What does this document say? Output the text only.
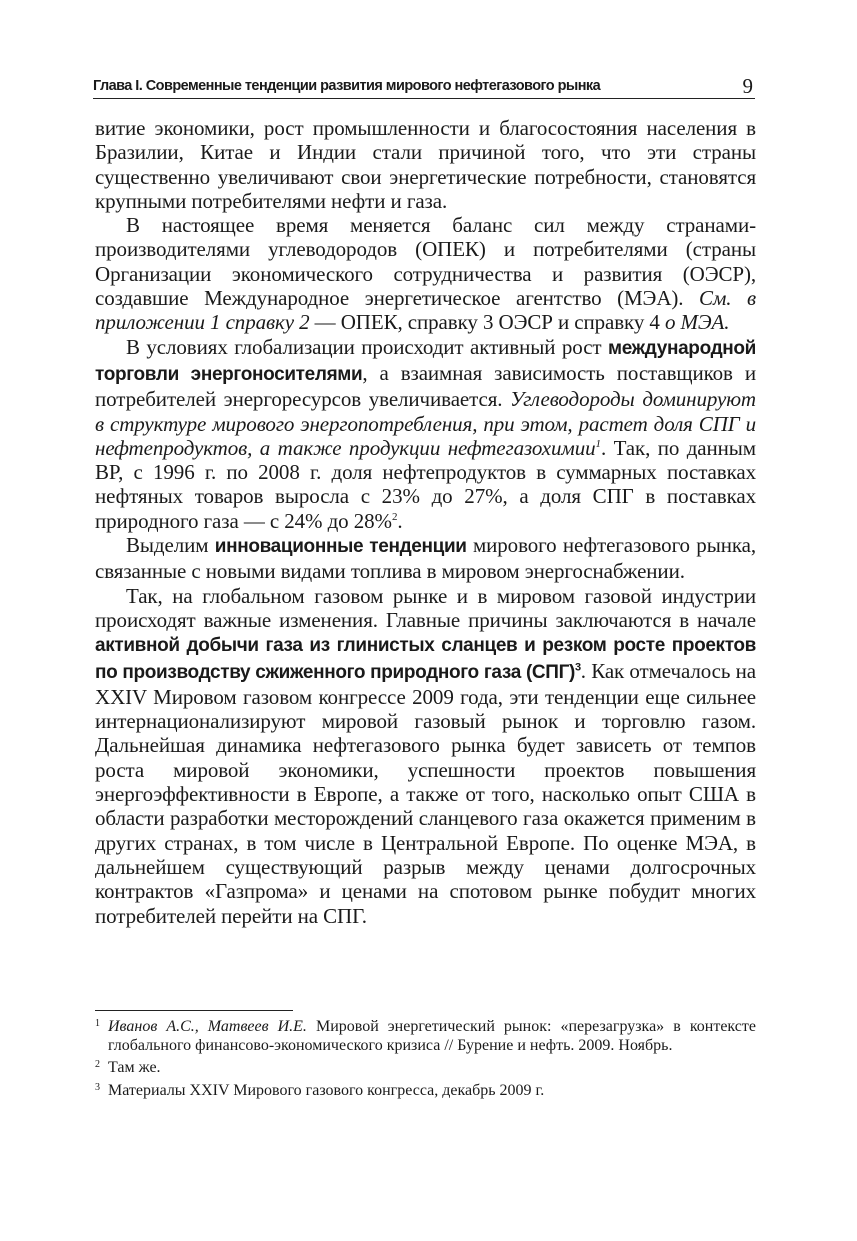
Глава I. Современные тенденции развития мирового нефтегазового рынка	9

витие экономики, рост промышленности и благосостояния населения в Бразилии, Китае и Индии стали причиной того, что эти страны существенно увеличивают свои энергетические потребности, становятся крупными потребителями нефти и газа.

В настоящее время меняется баланс сил между странами-производителями углеводородов (ОПЕК) и потребителями (страны Организации экономического сотрудничества и развития (ОЭСР), создавшие Международное энергетическое агентство (МЭА). См. в приложении 1 справку 2 — ОПЕК, справку 3 ОЭСР и справку 4 о МЭА.

В условиях глобализации происходит активный рост международной торговли энергоносителями, а взаимная зависимость поставщиков и потребителей энергоресурсов увеличивается. Углеводороды доминируют в структуре мирового энергопотребления, при этом, растет доля СПГ и нефтепродуктов, а также продукции нефтегазохимии$^1$. Так, по данным BP, с 1996 г. по 2008 г. доля нефтепродуктов в суммарных поставках нефтяных товаров выросла с 23% до 27%, а доля СПГ в поставках природного газа — с 24% до 28%$^2$.

Выделим инновационные тенденции мирового нефтегазового рынка, связанные с новыми видами топлива в мировом энергоснабжении.

Так, на глобальном газовом рынке и в мировом газовой индустрии происходят важные изменения. Главные причины заключаются в начале активной добычи газа из глинистых сланцев и резком росте проектов по производству сжиженного природного газа (СПГ)$^3$. Как отмечалось на XXIV Мировом газовом конгрессе 2009 года, эти тенденции еще сильнее интернационализируют мировой газовый рынок и торговлю газом. Дальнейшая динамика нефтегазового рынка будет зависеть от темпов роста мировой экономики, успешности проектов повышения энергоэффективности в Европе, а также от того, насколько опыт США в области разработки месторождений сланцевого газа окажется применим в других странах, в том числе в Центральной Европе. По оценке МЭА, в дальнейшем существующий разрыв между ценами долгосрочных контрактов «Газпрома» и ценами на спотовом рынке побудит многих потребителей перейти на СПГ.

1 Иванов А.С., Матвеев И.Е. Мировой энергетический рынок: «перезагрузка» в контексте глобального финансово-экономического кризиса // Бурение и нефть. 2009. Ноябрь.
2 Там же.
3 Материалы XXIV Мирового газового конгресса, декабрь 2009 г.
